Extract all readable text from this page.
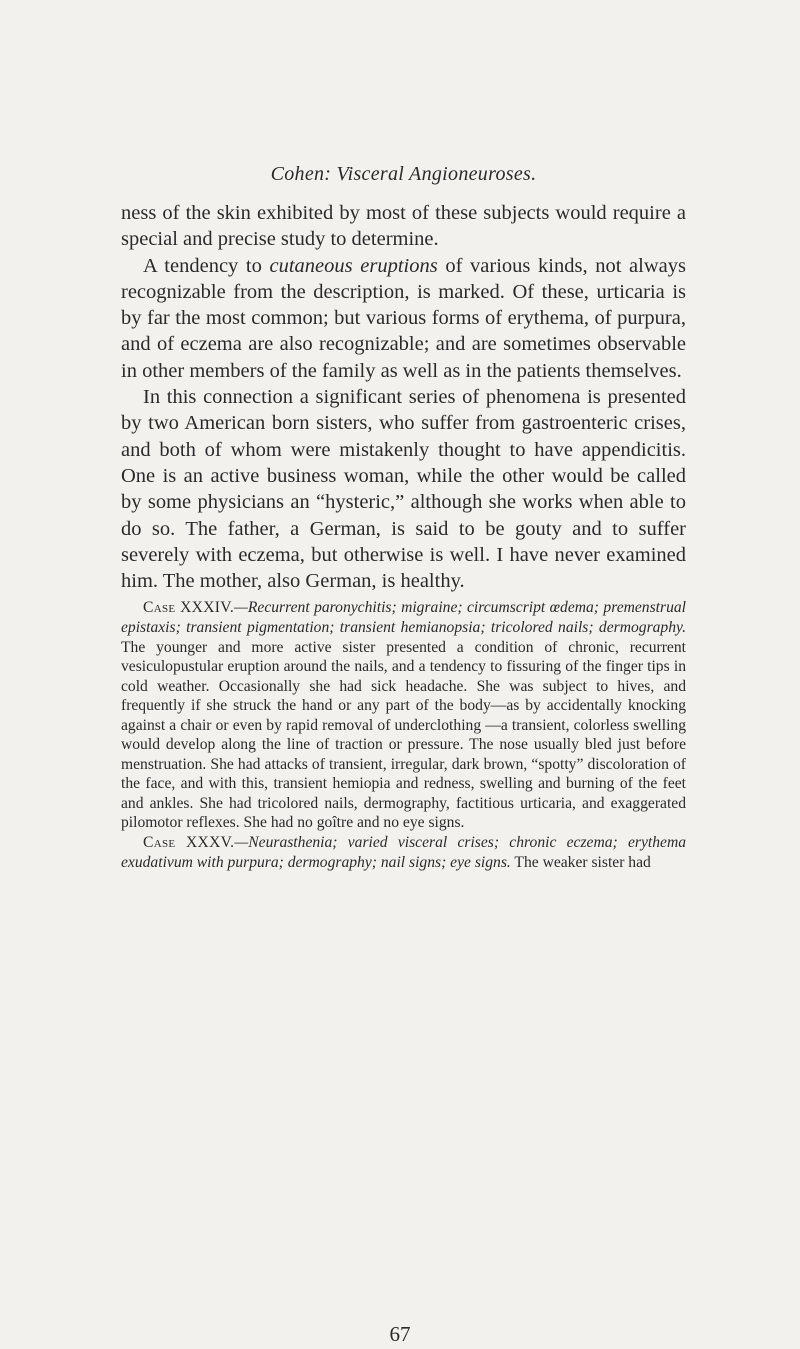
Cohen: Visceral Angioneuroses.

ness of the skin exhibited by most of these subjects would require a special and precise study to determine.

A tendency to cutaneous eruptions of various kinds, not always recognizable from the description, is marked. Of these, urticaria is by far the most common; but various forms of erythema, of purpura, and of eczema are also recognizable; and are sometimes observable in other members of the family as well as in the patients themselves.

In this connection a significant series of phenomena is presented by two American born sisters, who suffer from gastroenteric crises, and both of whom were mistakenly thought to have appendicitis. One is an active business woman, while the other would be called by some physicians an “hysteric,” although she works when able to do so. The father, a German, is said to be gouty and to suffer severely with eczema, but otherwise is well. I have never examined him. The mother, also German, is healthy.

Case XXXIV.—Recurrent paronychitis; migraine; circumscript œdema; premenstrual epistaxis; transient pigmentation; transient hemianopsia; tricolored nails; dermography. The younger and more active sister presented a condition of chronic, recurrent vesiculopustular eruption around the nails, and a tendency to fissuring of the finger tips in cold weather. Occasionally she had sick headache. She was subject to hives, and frequently if she struck the hand or any part of the body—as by accidentally knocking against a chair or even by rapid removal of underclothing —a transient, colorless swelling would develop along the line of traction or pressure. The nose usually bled just before menstruation. She had attacks of transient, irregular, dark brown, “spotty” discoloration of the face, and with this, transient hemiopia and redness, swelling and burning of the feet and ankles. She had tricolored nails, dermography, factitious urticaria, and exaggerated pilomotor reflexes. She had no goître and no eye signs.

Case XXXV.—Neurasthenia; varied visceral crises; chronic eczema; erythema exudativum with purpura; dermography; nail signs; eye signs. The weaker sister had

67
